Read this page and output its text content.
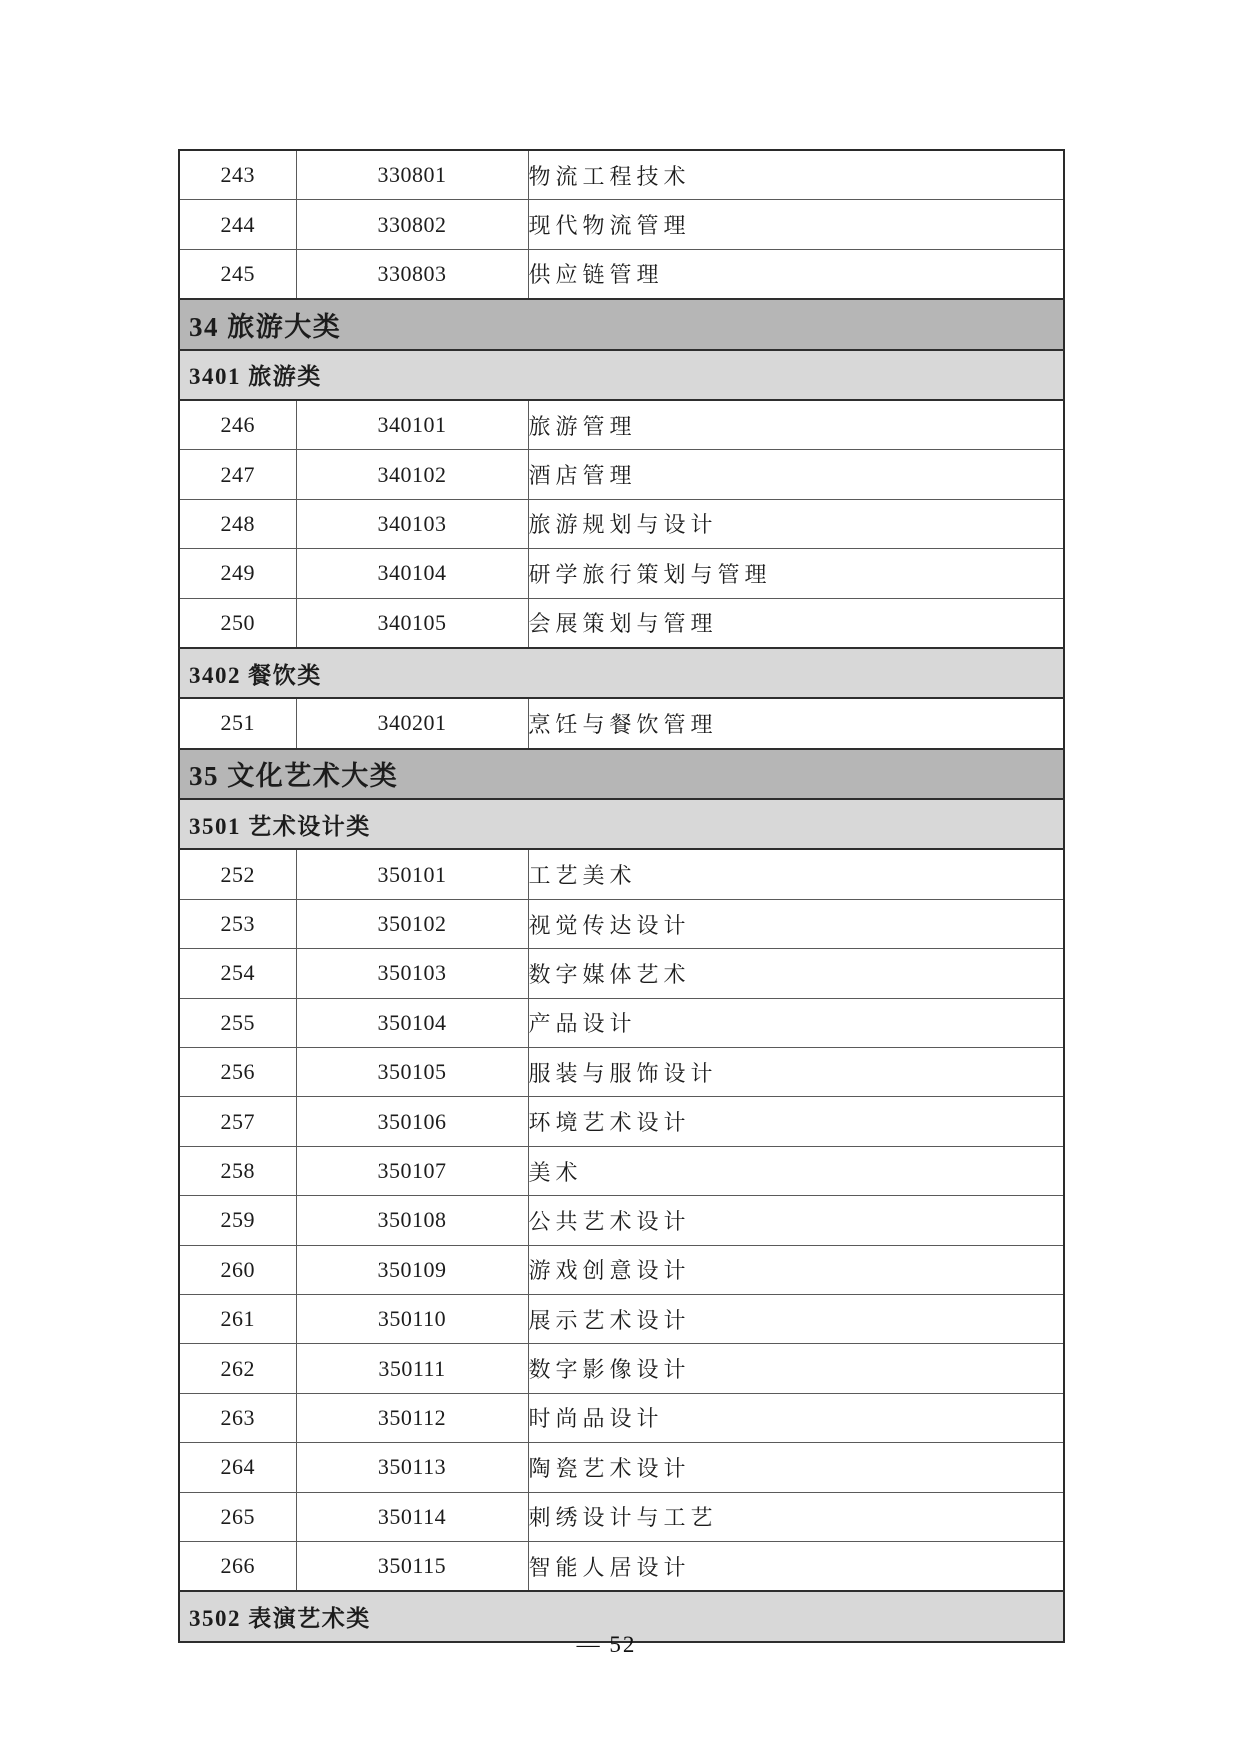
243	330801	物流工程技术
244	330802	现代物流管理
245	330803	供应链管理
34 旅游大类		
3401 旅游类		
246	340101	旅游管理
247	340102	酒店管理
248	340103	旅游规划与设计
249	340104	研学旅行策划与管理
250	340105	会展策划与管理
3402 餐饮类		
251	340201	烹饪与餐饮管理
35 文化艺术大类		
3501 艺术设计类		
252	350101	工艺美术
253	350102	视觉传达设计
254	350103	数字媒体艺术
255	350104	产品设计
256	350105	服装与服饰设计
257	350106	环境艺术设计
258	350107	美术
259	350108	公共艺术设计
260	350109	游戏创意设计
261	350110	展示艺术设计
262	350111	数字影像设计
263	350112	时尚品设计
264	350113	陶瓷艺术设计
265	350114	刺绣设计与工艺
266	350115	智能人居设计
3502 表演艺术类		
— 52
